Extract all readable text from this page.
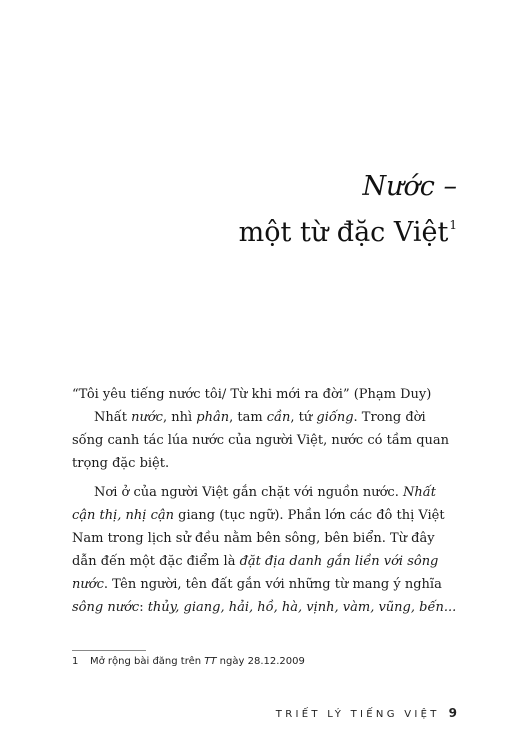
Nước –
một từ đặc Việt$^1$

“Tôi yêu tiếng nước tôi/ Từ khi mới ra đời” (Phạm Duy)

Nhất nước, nhì phân, tam cần, tứ giống. Trong đời sống canh tác lúa nước của người Việt, nước có tầm quan trọng đặc biệt.

Nơi ở của người Việt gắn chặt với nguồn nước. Nhất cận thị, nhị cận giang (tục ngữ). Phần lớn các đô thị Việt Nam trong lịch sử đều nằm bên sông, bên biển. Từ đây dẫn đến một đặc điểm là đặt địa danh gắn liền với sông nước. Tên người, tên đất gắn với những từ mang ý nghĩa sông nước: thủy, giang, hải, hồ, hà, vịnh, vàm, vũng, bến...

1 Mở rộng bài đăng trên TT ngày 28.12.2009
TRIẾT LÝ TIẾNG VIỆT 9
